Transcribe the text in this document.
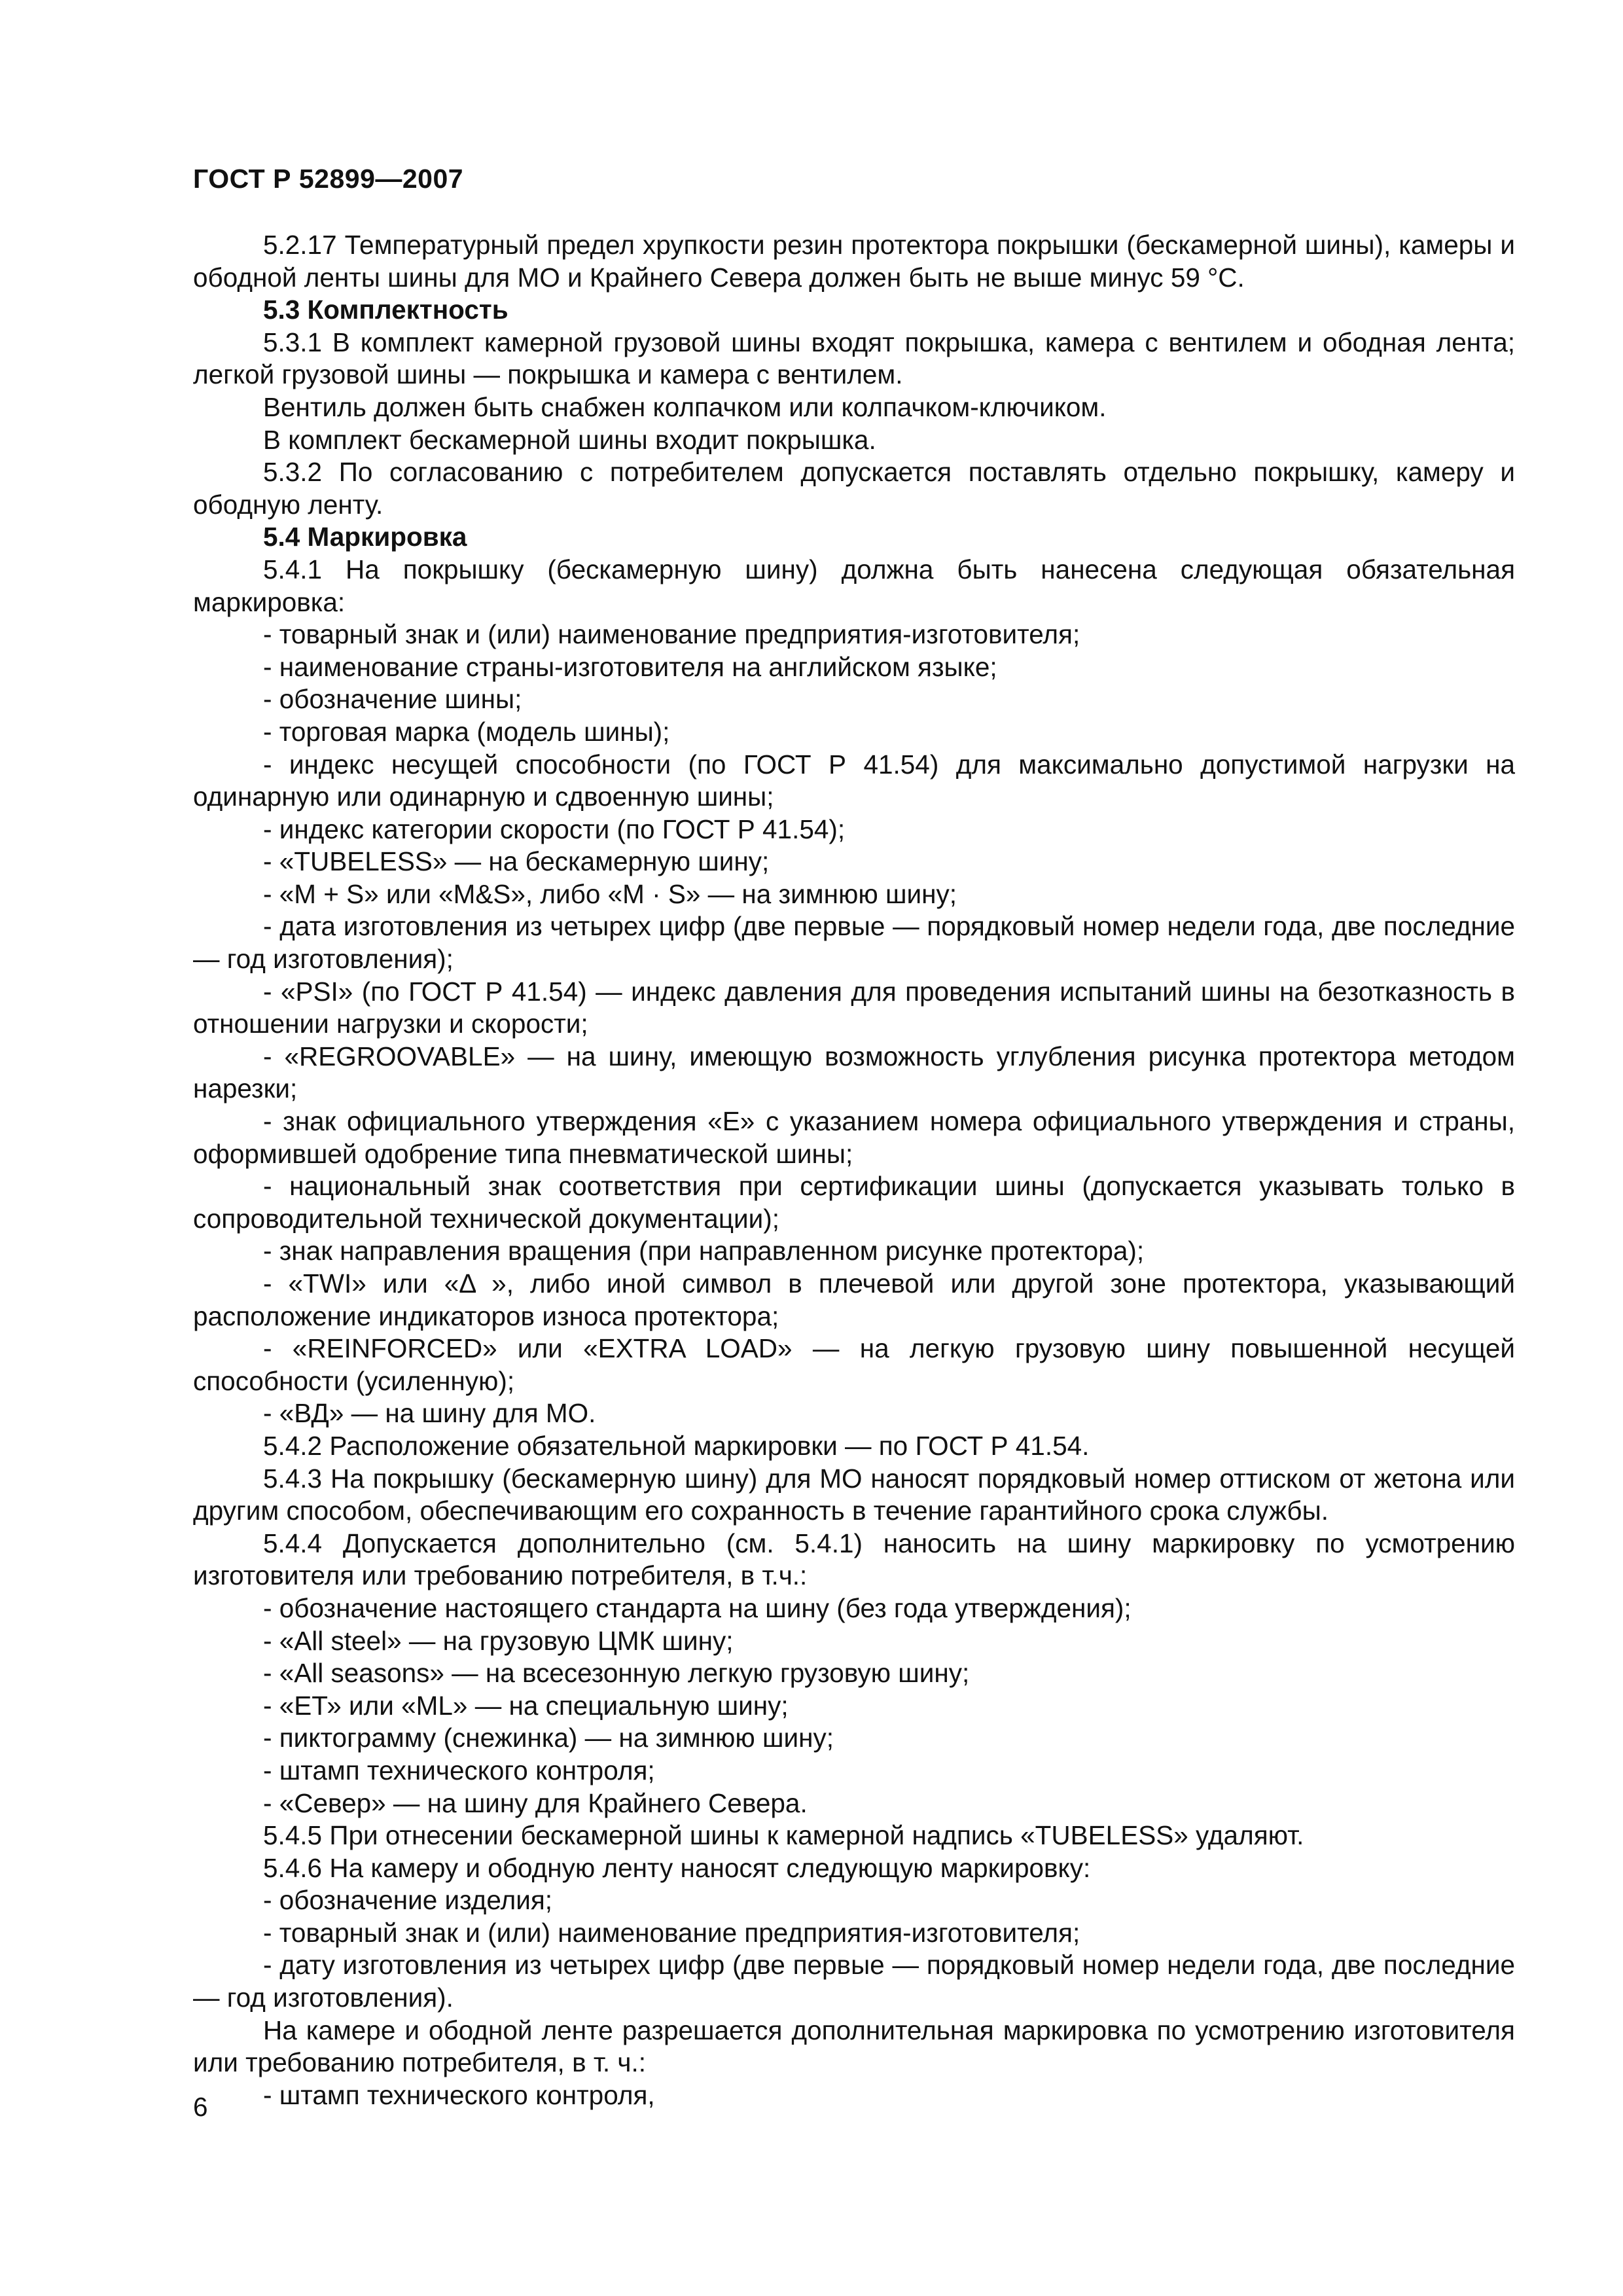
ГОСТ Р 52899—2007
5.2.17 Температурный предел хрупкости резин протектора покрышки (бескамерной шины), камеры и ободной ленты шины для МО и Крайнего Севера должен быть не выше минус 59 °С.
5.3 Комплектность
5.3.1 В комплект камерной грузовой шины входят покрышка, камера с вентилем и ободная лента; легкой грузовой шины — покрышка и камера с вентилем.
Вентиль должен быть снабжен колпачком или колпачком-ключиком.
В комплект бескамерной шины входит покрышка.
5.3.2 По согласованию с потребителем допускается поставлять отдельно покрышку, камеру и ободную ленту.
5.4 Маркировка
5.4.1 На покрышку (бескамерную шину) должна быть нанесена следующая обязательная маркировка:
- товарный знак и (или) наименование предприятия-изготовителя;
- наименование страны-изготовителя на английском языке;
- обозначение шины;
- торговая марка (модель шины);
- индекс несущей способности (по ГОСТ Р 41.54) для максимально допустимой нагрузки на одинарную или одинарную и сдвоенную шины;
- индекс категории скорости (по ГОСТ Р 41.54);
- «TUBELESS» — на бескамерную шину;
- «M + S» или «M&S», либо «M · S» — на зимнюю шину;
- дата изготовления из четырех цифр (две первые — порядковый номер недели года, две последние — год изготовления);
- «PSI» (по ГОСТ Р 41.54) — индекс давления для проведения испытаний шины на безотказность в отношении нагрузки и скорости;
- «REGROOVABLE» — на шину, имеющую возможность углубления рисунка протектора методом нарезки;
- знак официального утверждения «Е» с указанием номера официального утверждения и страны, оформившей одобрение типа пневматической шины;
- национальный знак соответствия при сертификации шины (допускается указывать только в сопроводительной технической документации);
- знак направления вращения (при направленном рисунке протектора);
- «TWI» или «Δ », либо иной символ в плечевой или другой зоне протектора, указывающий расположение индикаторов износа протектора;
- «REINFORCED» или «EXTRA LOAD» — на легкую грузовую шину повышенной несущей способности (усиленную);
- «ВД» — на шину для МО.
5.4.2 Расположение обязательной маркировки — по ГОСТ Р 41.54.
5.4.3 На покрышку (бескамерную шину) для МО наносят порядковый номер оттиском от жетона или другим способом, обеспечивающим его сохранность в течение гарантийного срока службы.
5.4.4 Допускается дополнительно (см. 5.4.1) наносить на шину маркировку по усмотрению изготовителя или требованию потребителя, в т.ч.:
- обозначение настоящего стандарта на шину (без года утверждения);
- «All steel» — на грузовую ЦМК шину;
- «All seasons» — на всесезонную легкую грузовую шину;
- «ЕТ» или «ML» — на специальную шину;
- пиктограмму (снежинка) — на зимнюю шину;
- штамп технического контроля;
- «Север» — на шину для Крайнего Севера.
5.4.5 При отнесении бескамерной шины к камерной надпись «TUBELESS» удаляют.
5.4.6 На камеру и ободную ленту наносят следующую маркировку:
- обозначение изделия;
- товарный знак и (или) наименование предприятия-изготовителя;
- дату изготовления из четырех цифр (две первые — порядковый номер недели года, две последние — год изготовления).
На камере и ободной ленте разрешается дополнительная маркировка по усмотрению изготовителя или требованию потребителя, в т. ч.:
- штамп технического контроля,
6
